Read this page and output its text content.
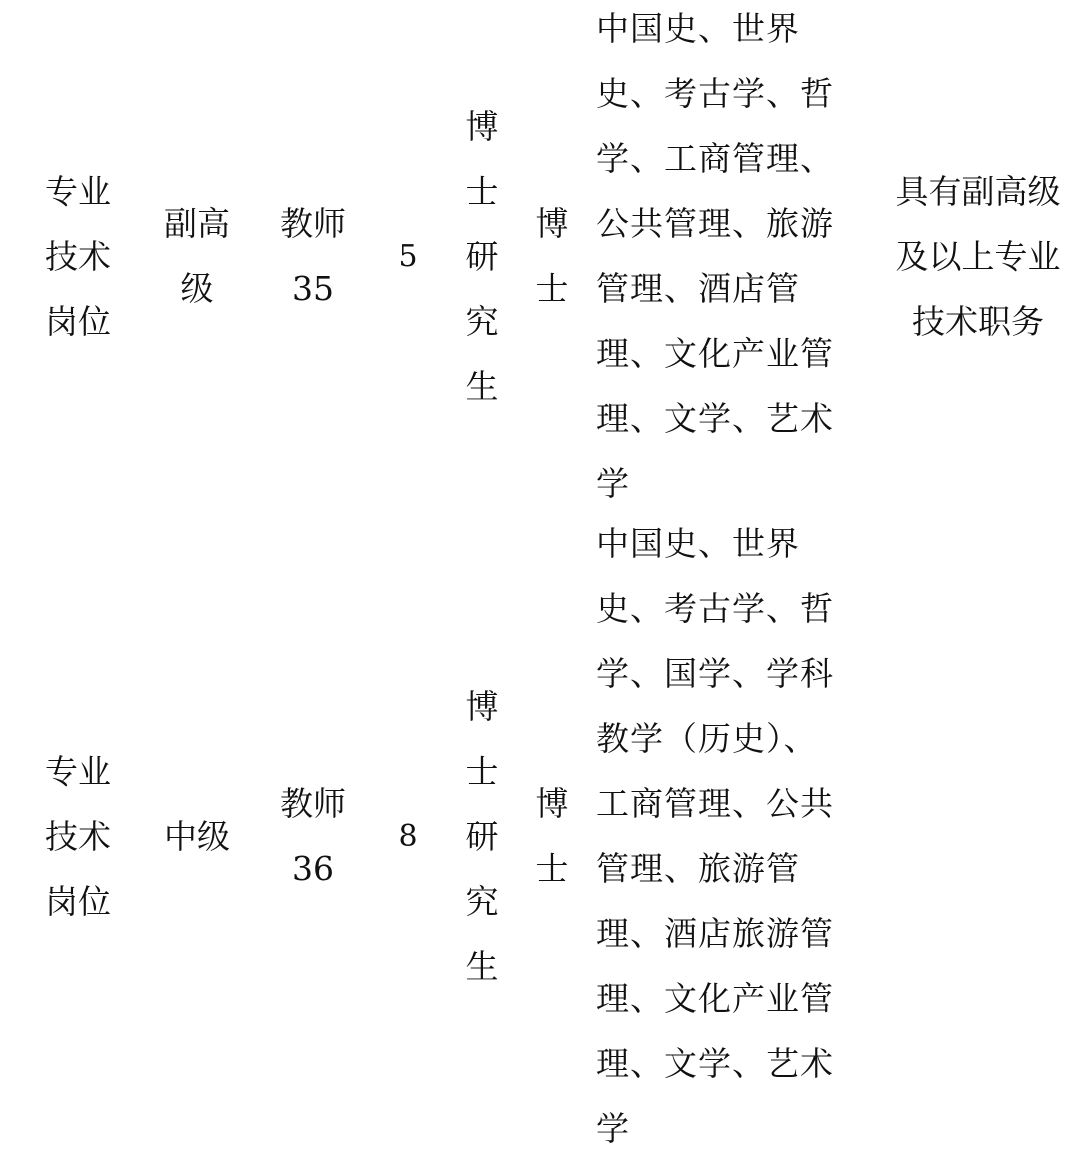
专业技术岗位
副高级
教师35
5
博士研究生
博士
中国史、世界史、考古学、哲学、工商管理、公共管理、旅游管理、酒店管理、文化产业管理、文学、艺术学
具有副高级及以上专业技术职务
专业技术岗位
中级
教师36
8
博士研究生
博士
中国史、世界史、考古学、哲学、国学、学科教学（历史）、工商管理、公共管理、旅游管理、酒店旅游管理、文化产业管理、文学、艺术学
